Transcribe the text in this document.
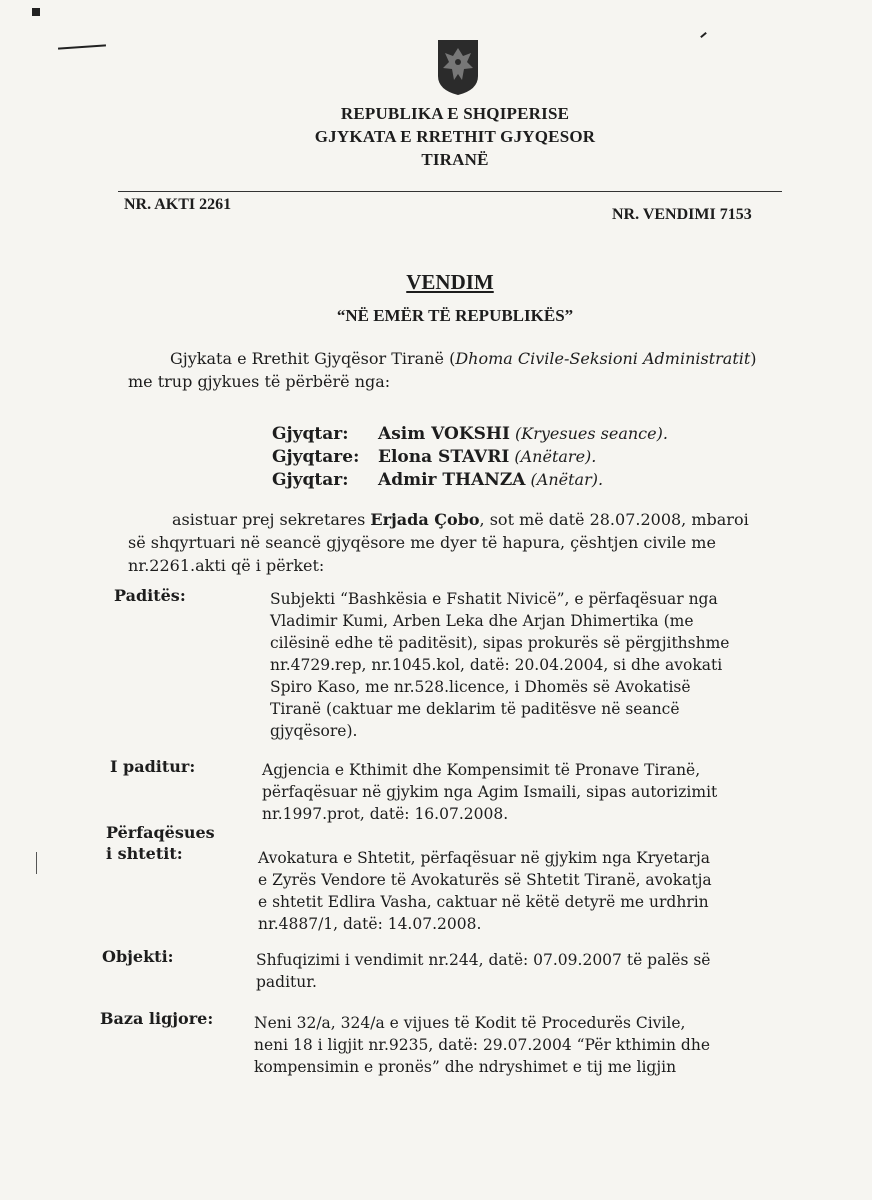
REPUBLIKA E SHQIPERISE
GJYKATA E RRETHIT GJYQESOR
TIRANË
NR. AKTI 2261
NR. VENDIMI 7153
VENDIM
“NË EMËR TË REPUBLIKËS”
Gjykata e Rrethit Gjyqësor Tiranë (Dhoma Civile-Seksioni Administratit)
me trup gjykues të përbërë nga:
Gjyqtar: Asim VOKSHI (Kryesues seance).
Gjyqtare: Elona STAVRI (Anëtare).
Gjyqtar: Admir THANZA (Anëtar).
asistuar prej sekretares Erjada Çobo, sot më datë 28.07.2008, mbaroi
së shqyrtuari në seancë gjyqësore me dyer të hapura, çështjen civile me
nr.2261.akti që i përket:
Paditës:	Subjekti “Bashkësia e Fshatit Nivicë”, e përfaqësuar nga
Vladimir Kumi, Arben Leka dhe Arjan Dhimertika (me
cilësinë edhe të paditësit), sipas prokurës së përgjithshme
nr.4729.rep, nr.1045.kol, datë: 20.04.2004, si dhe avokati
Spiro Kaso, me nr.528.licence, i Dhomës së Avokatisë
Tiranë (caktuar me deklarim të paditësve në seancë
gjyqësore).
I paditur:	Agjencia e Kthimit dhe Kompensimit të Pronave Tiranë,
përfaqësuar në gjykim nga Agim Ismaili, sipas autorizimit
nr.1997.prot, datë: 16.07.2008.
Përfaqësues
i shtetit:	Avokatura e Shtetit, përfaqësuar në gjykim nga Kryetarja
e Zyrës Vendore të Avokaturës së Shtetit Tiranë, avokatja
e shtetit Edlira Vasha, caktuar në këtë detyrë me urdhrin
nr.4887/1, datë: 14.07.2008.
Objekti:	Shfuqizimi i vendimit nr.244, datë: 07.09.2007 të palës së
paditur.
Baza ligjore:	Neni 32/a, 324/a e vijues të Kodit të Procedurës Civile,
neni 18 i ligjit nr.9235, datë: 29.07.2004 “Për kthimin dhe
kompensimin e pronës” dhe ndryshimet e tij me ligjin
